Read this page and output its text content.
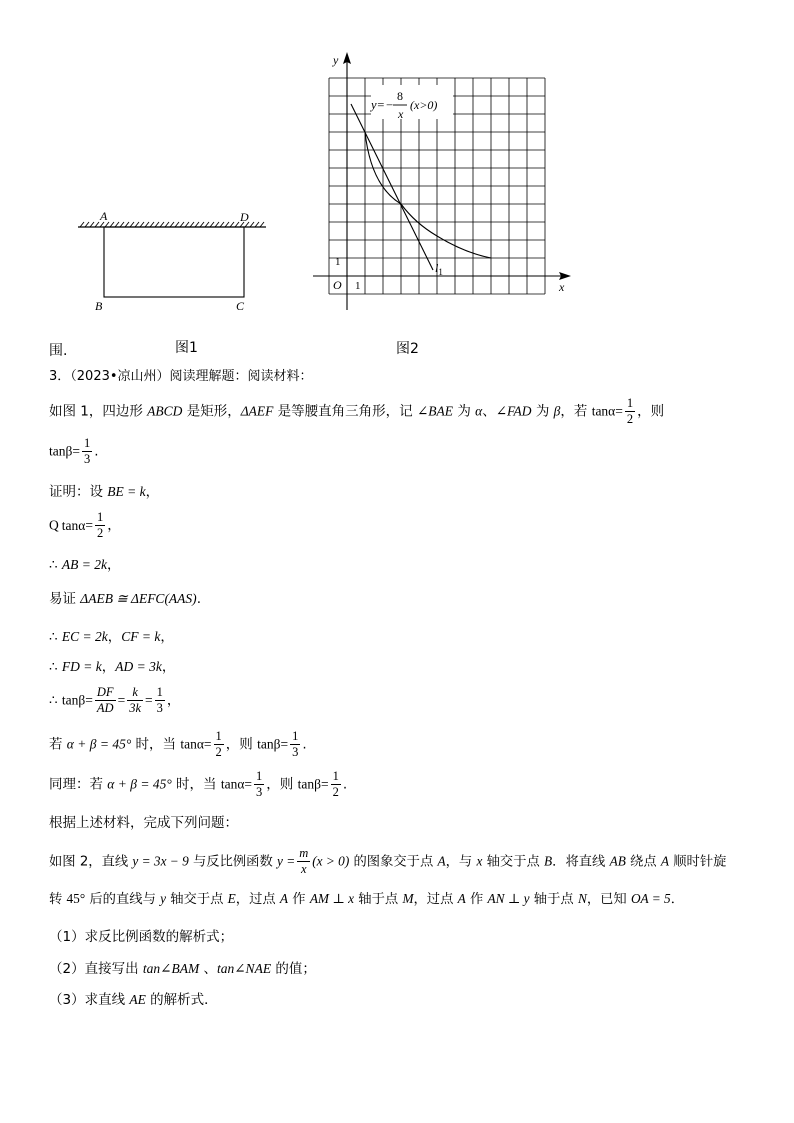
A	D
B	C
y
x
O 1
1	$l_1$
y=−
8
x
(x>0)
围.	图1	图2
3．（2023•凉山州）阅读理解题：阅读材料：
如图 1，四边形 ABCD 是矩形，ΔAEF 是等腰直角三角形，记 ∠BAE 为 α、∠FAD 为 β，若 $\tan\alpha= \frac{1}{2}$ ，则
$\tan\beta= \frac{1}{3}$ .
证明：设 BE = k，
Q $\tan\alpha= \frac{1}{2}$ ，
∴ AB = 2k，
易证 ΔAEB ≅ ΔEFC(AAS).
∴ EC = 2k，CF = k，
∴ FD = k，AD = 3k，
∴ $\tan\beta= \frac{DF}{AD} = \frac{k}{3k} = \frac{1}{3}$ ，
若 α + β = 45° 时，当 $\tan\alpha= \frac{1}{2}$ ，则 $\tan\beta= \frac{1}{3}$ .
同理：若 α + β = 45° 时，当 $\tan\alpha= \frac{1}{3}$ ，则 $\tan\beta= \frac{1}{2}$ .
根据上述材料，完成下列问题：
如图 2，直线 y = 3x − 9 与反比例函数 $y = \frac{m}{x} (x > 0)$ 的图象交于点 A，与 x 轴交于点 B．将直线 AB 绕点 A 顺时针旋
转 45° 后的直线与 y 轴交于点 E，过点 A 作 AM ⊥ x 轴于点 M，过点 A 作 AN ⊥ y 轴于点 N，已知 OA = 5．
（1）求反比例函数的解析式；
（2）直接写出 tan∠BAM 、tan∠NAE 的值；
（3）求直线 AE 的解析式．
